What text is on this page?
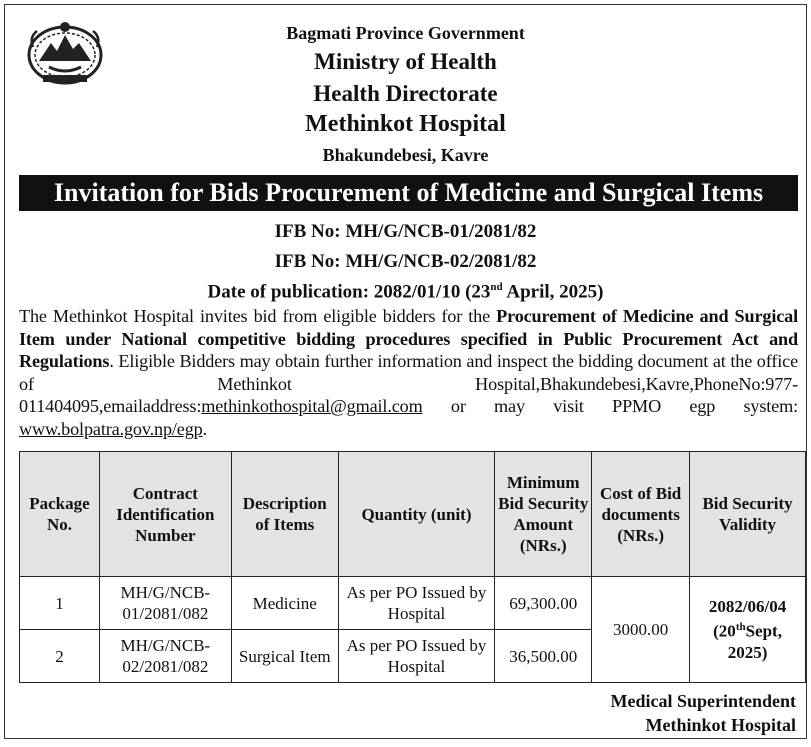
Bagmati Province Government
Ministry of Health
Health Directorate
Methinkot Hospital
Bhakundebesi, Kavre
Invitation for Bids Procurement of Medicine and Surgical Items
IFB No: MH/G/NCB-01/2081/82
IFB No: MH/G/NCB-02/2081/82
Date of publication: 2082/01/10 (23nd April, 2025)
The Methinkot Hospital invites bid from eligible bidders for the Procurement of Medicine and Surgical Item under National competitive bidding procedures specified in Public Procurement Act and Regulations. Eligible Bidders may obtain further information and inspect the bidding document at the office of Methinkot Hospital,Bhakundebesi,Kavre,PhoneNo:977-011404095,emailaddress:methinkothospital@gmail.com or may visit PPMO egp system: www.bolpatra.gov.np/egp.
Package No.	Contract Identification Number	Description of Items	Quantity (unit)	Minimum Bid Security Amount (NRs.)	Cost of Bid documents (NRs.)	Bid Security Validity
1	MH/G/NCB-01/2081/082	Medicine	As per PO Issued by Hospital	69,300.00	3000.00	2082/06/04
(20thSept, 2025)
2	MH/G/NCB-02/2081/082	Surgical Item	As per PO Issued by Hospital	36,500.00		
Medical Superintendent
Methinkot Hospital
